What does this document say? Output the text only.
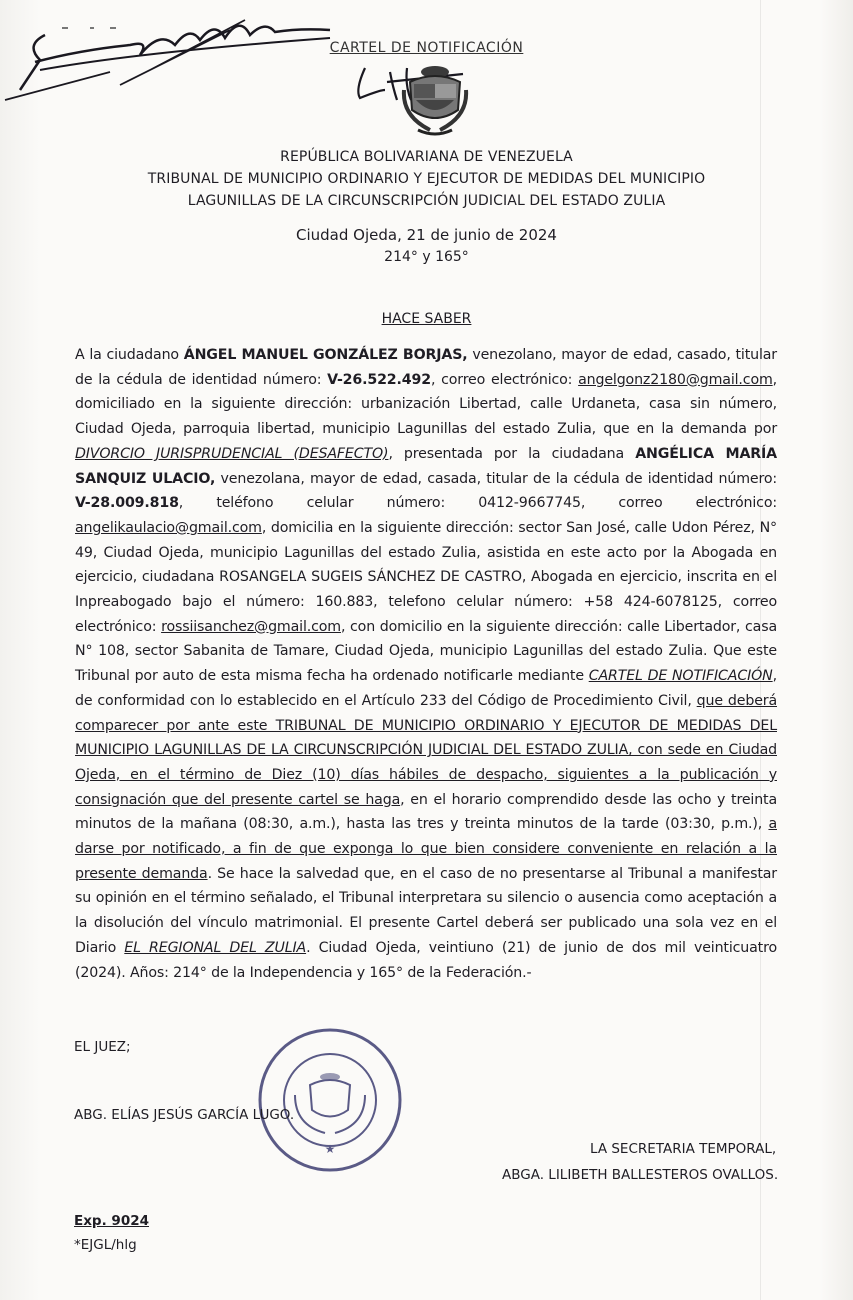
CARTEL DE NOTIFICACIÓN
REPÚBLICA BOLIVARIANA DE VENEZUELA
TRIBUNAL DE MUNICIPIO ORDINARIO Y EJECUTOR DE MEDIDAS DEL MUNICIPIO
LAGUNILLAS DE LA CIRCUNSCRIPCIÓN JUDICIAL DEL ESTADO ZULIA
Ciudad Ojeda, 21 de junio de 2024
214° y 165°
HACE SABER
A la ciudadano ÁNGEL MANUEL GONZÁLEZ BORJAS, venezolano, mayor de edad, casado, titular de la cédula de identidad número: V-26.522.492, correo electrónico: angelgonz2180@gmail.com, domiciliado en la siguiente dirección: urbanización Libertad, calle Urdaneta, casa sin número, Ciudad Ojeda, parroquia libertad, municipio Lagunillas del estado Zulia, que en la demanda por DIVORCIO JURISPRUDENCIAL (DESAFECTO), presentada por la ciudadana ANGÉLICA MARÍA SANQUIZ ULACIO, venezolana, mayor de edad, casada, titular de la cédula de identidad número: V-28.009.818, teléfono celular número: 0412-9667745, correo electrónico: angelikaulacio@gmail.com, domicilia en la siguiente dirección: sector San José, calle Udon Pérez, N° 49, Ciudad Ojeda, municipio Lagunillas del estado Zulia, asistida en este acto por la Abogada en ejercicio, ciudadana ROSANGELA SUGEIS SÁNCHEZ DE CASTRO, Abogada en ejercicio, inscrita en el Inpreabogado bajo el número: 160.883, telefono celular número: +58 424-6078125, correo electrónico: rossiisanchez@gmail.com, con domicilio en la siguiente dirección: calle Libertador, casa N° 108, sector Sabanita de Tamare, Ciudad Ojeda, municipio Lagunillas del estado Zulia. Que este Tribunal por auto de esta misma fecha ha ordenado notificarle mediante CARTEL DE NOTIFICACIÓN, de conformidad con lo establecido en el Artículo 233 del Código de Procedimiento Civil, que deberá comparecer por ante este TRIBUNAL DE MUNICIPIO ORDINARIO Y EJECUTOR DE MEDIDAS DEL MUNICIPIO LAGUNILLAS DE LA CIRCUNSCRIPCIÓN JUDICIAL DEL ESTADO ZULIA, con sede en Ciudad Ojeda, en el término de Diez (10) días hábiles de despacho, siguientes a la publicación y consignación que del presente cartel se haga, en el horario comprendido desde las ocho y treinta minutos de la mañana (08:30, a.m.), hasta las tres y treinta minutos de la tarde (03:30, p.m.), a darse por notificado, a fin de que exponga lo que bien considere conveniente en relación a la presente demanda. Se hace la salvedad que, en el caso de no presentarse al Tribunal a manifestar su opinión en el término señalado, el Tribunal interpretara su silencio o ausencia como aceptación a la disolución del vínculo matrimonial. El presente Cartel deberá ser publicado una sola vez en el Diario EL REGIONAL DEL ZULIA. Ciudad Ojeda, veintiuno (21) de junio de dos mil veinticuatro (2024). Años: 214° de la Independencia y 165° de la Federación.-
★

EL JUEZ;
ABG. ELÍAS JESÚS GARCÍA LUGO.
LA SECRETARIA TEMPORAL,
ABGA. LILIBETH BALLESTEROS OVALLOS.
Exp. 9024
*EJGL/hlg
